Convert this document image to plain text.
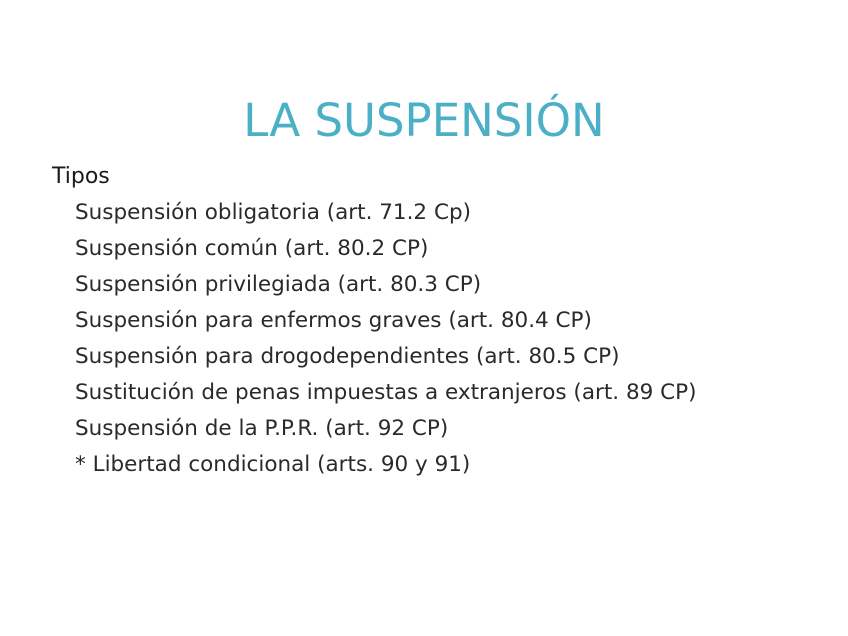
LA SUSPENSIÓN
Tipos
Suspensión obligatoria (art. 71.2 Cp)
Suspensión común (art. 80.2 CP)
Suspensión privilegiada (art. 80.3 CP)
Suspensión para enfermos graves (art. 80.4 CP)
Suspensión para drogodependientes (art. 80.5 CP)
Sustitución de penas impuestas a extranjeros (art. 89 CP)
Suspensión de la P.P.R. (art. 92 CP)
* Libertad condicional (arts. 90 y 91)
